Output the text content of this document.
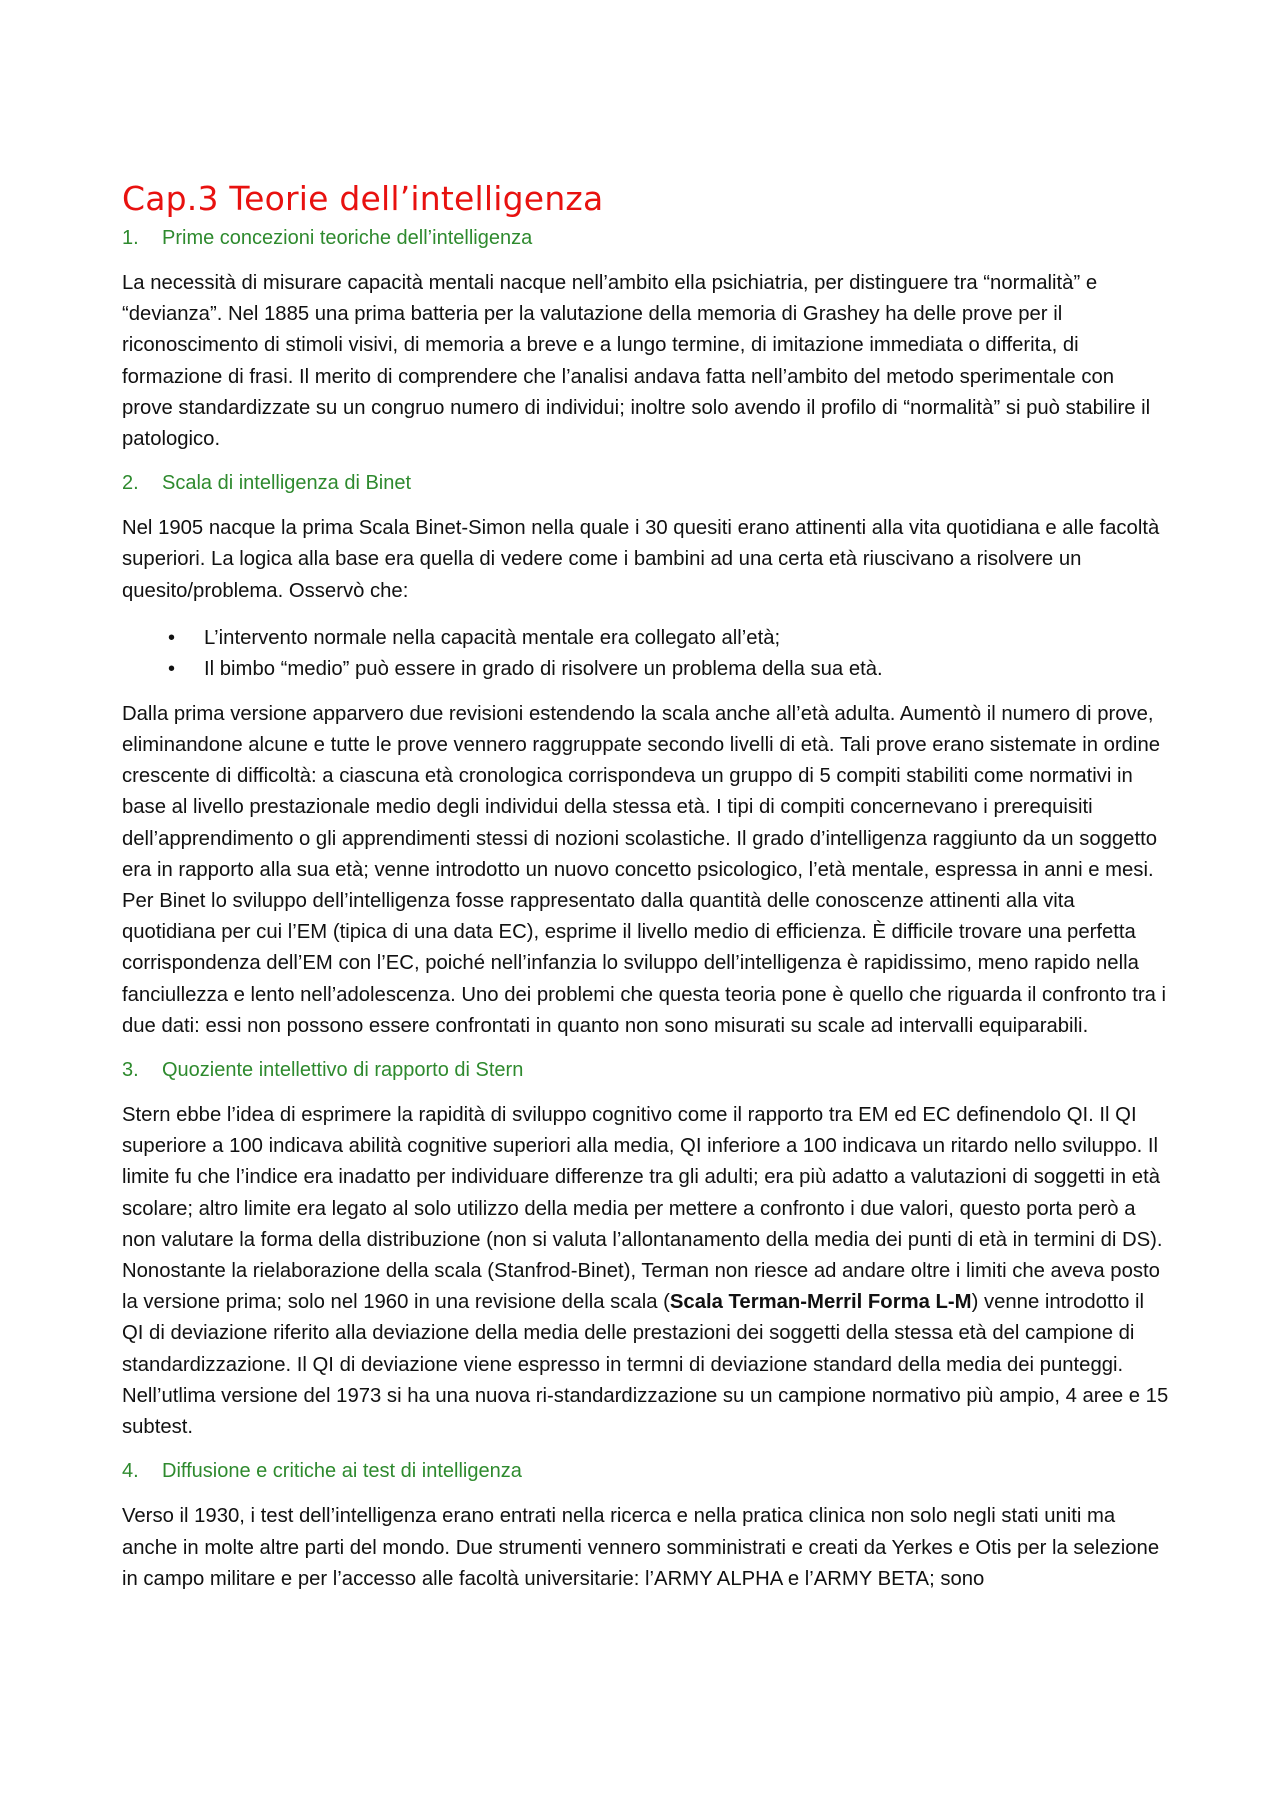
Cap.3 Teorie dell’intelligenza
1.	Prime concezioni teoriche dell’intelligenza

La necessità di misurare capacità mentali nacque nell’ambito ella psichiatria, per distinguere tra “normalità” e “devianza”. Nel 1885 una prima batteria per la valutazione della memoria di Grashey ha delle prove per il riconoscimento di stimoli visivi, di memoria a breve e a lungo termine, di imitazione immediata o differita, di formazione di frasi. Il merito di comprendere che l’analisi andava fatta nell’ambito del metodo sperimentale con prove standardizzate su un congruo numero di individui; inoltre solo avendo il profilo di “normalità” si può stabilire il patologico.

2.	Scala di intelligenza di Binet

Nel 1905 nacque la prima Scala Binet-Simon nella quale i 30 quesiti erano attinenti alla vita quotidiana e alle facoltà superiori. La logica alla base era quella di vedere come i bambini ad una certa età riuscivano a risolvere un quesito/problema. Osservò che:

•	L’intervento normale nella capacità mentale era collegato all’età;
•	Il bimbo “medio” può essere in grado di risolvere un problema della sua età.

Dalla prima versione apparvero due revisioni estendendo la scala anche all’età adulta. Aumentò il numero di prove, eliminandone alcune e tutte le prove vennero raggruppate secondo livelli di età. Tali prove erano sistemate in ordine crescente di difficoltà: a ciascuna età cronologica corrispondeva un gruppo di 5 compiti stabiliti come normativi in base al livello prestazionale medio degli individui della stessa età. I tipi di compiti concernevano i prerequisiti dell’apprendimento o gli apprendimenti stessi di nozioni scolastiche. Il grado d’intelligenza raggiunto da un soggetto era in rapporto alla sua età; venne introdotto un nuovo concetto psicologico, l’età mentale, espressa in anni e mesi. Per Binet lo sviluppo dell’intelligenza fosse rappresentato dalla quantità delle conoscenze attinenti alla vita quotidiana per cui l’EM (tipica di una data EC), esprime il livello medio di efficienza. È difficile trovare una perfetta corrispondenza dell’EM con l’EC, poiché nell’infanzia lo sviluppo dell’intelligenza è rapidissimo, meno rapido nella fanciullezza e lento nell’adolescenza. Uno dei problemi che questa teoria pone è quello che riguarda il confronto tra i due dati: essi non possono essere confrontati in quanto non sono misurati su scale ad intervalli equiparabili.

3.	Quoziente intellettivo di rapporto di Stern

Stern ebbe l’idea di esprimere la rapidità di sviluppo cognitivo come il rapporto tra EM ed EC definendolo QI. Il QI superiore a 100 indicava abilità cognitive superiori alla media, QI inferiore a 100 indicava un ritardo nello sviluppo. Il limite fu che l’indice era inadatto per individuare differenze tra gli adulti; era più adatto a valutazioni di soggetti in età scolare; altro limite era legato al solo utilizzo della media per mettere a confronto i due valori, questo porta però a non valutare la forma della distribuzione (non si valuta l’allontanamento della media dei punti di età in termini di DS). Nonostante la rielaborazione della scala (Stanfrod-Binet), Terman non riesce ad andare oltre i limiti che aveva posto la versione prima; solo nel 1960 in una revisione della scala (Scala Terman-Merril Forma L-M) venne introdotto il QI di deviazione riferito alla deviazione della media delle prestazioni dei soggetti della stessa età del campione di standardizzazione. Il QI di deviazione viene espresso in termni di deviazione standard della media dei punteggi. Nell’utlima versione del 1973 si ha una nuova ri-standardizzazione su un campione normativo più ampio, 4 aree e 15 subtest.

4.	Diffusione e critiche ai test di intelligenza

Verso il 1930, i test dell’intelligenza erano entrati nella ricerca e nella pratica clinica non solo negli stati uniti ma anche in molte altre parti del mondo. Due strumenti vennero somministrati e creati da Yerkes e Otis per la selezione in campo militare e per l’accesso alle facoltà universitarie: l’ARMY ALPHA e l’ARMY BETA; sono
